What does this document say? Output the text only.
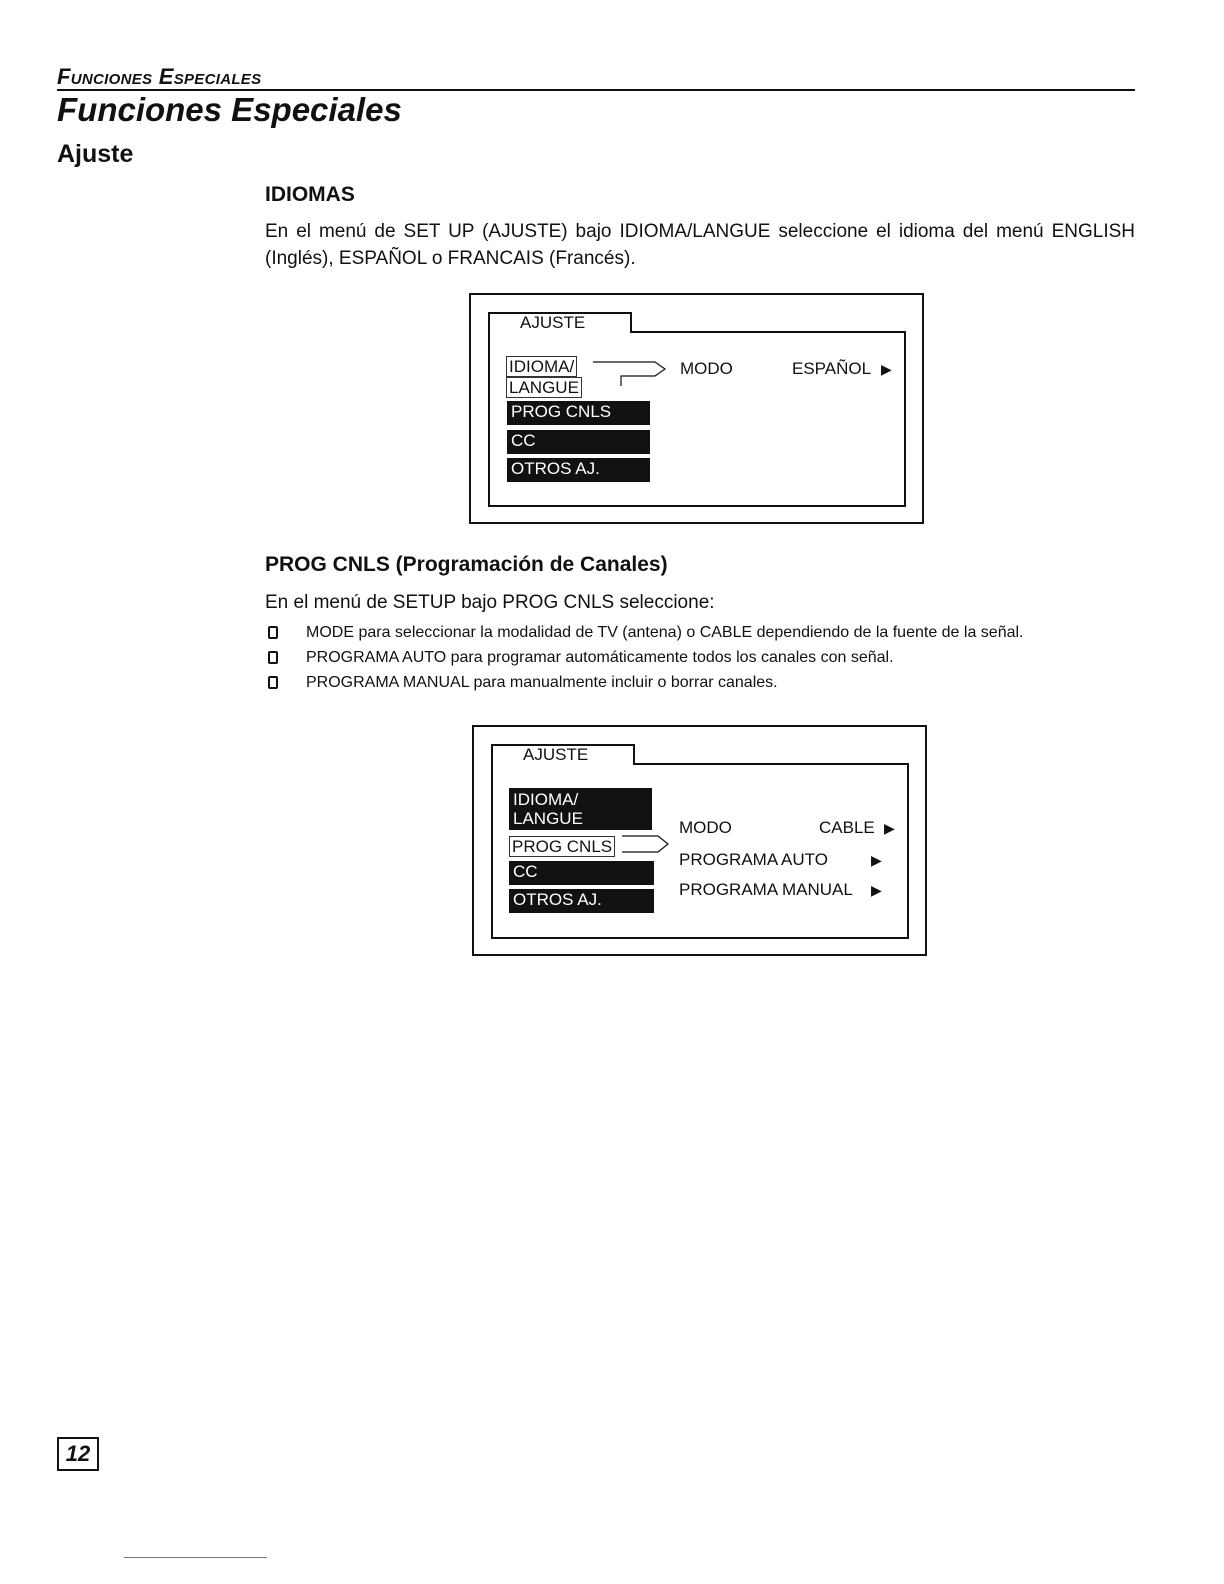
Funciones Especiales
Funciones Especiales
Ajuste
IDIOMAS
En el menú de SET UP (AJUSTE) bajo IDIOMA/LANGUE seleccione el idioma del menú ENGLISH (Inglés), ESPAÑOL o FRANCAIS (Francés).
AJUSTE
IDIOMA/
LANGUE
PROG CNLS
CC
OTROS AJ.
MODO	ESPAÑOL ▶
PROG CNLS (Programación de Canales)
En el menú de SETUP bajo PROG CNLS seleccione:
MODE para seleccionar la modalidad de TV (antena) o CABLE dependiendo de la fuente de la señal.
PROGRAMA AUTO para programar automáticamente todos los canales con señal.
PROGRAMA MANUAL para manualmente incluir o borrar canales.
AJUSTE
IDIOMA/
LANGUE
PROG CNLS
CC
OTROS AJ.
MODO	CABLE ▶
PROGRAMA AUTO	▶
PROGRAMA MANUAL ▶
12
